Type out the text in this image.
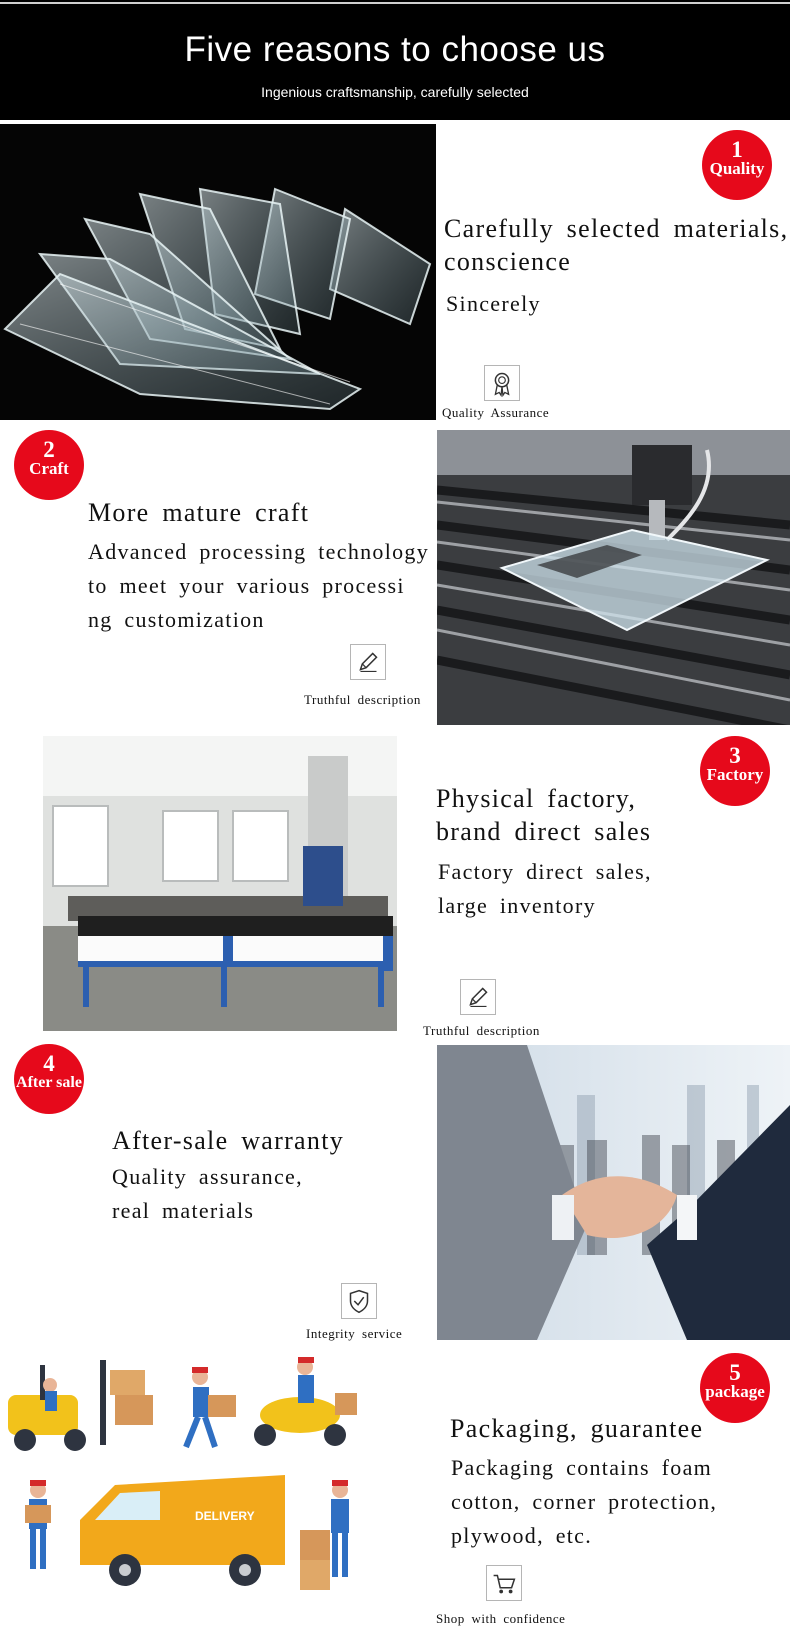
Five reasons to choose us
Ingenious craftsmanship, carefully selected
1
Quality
Carefully selected materials,
conscience
Sincerely
Quality Assurance
2
Craft
More mature craft
Advanced processing technology
to meet your various processi
ng customization
Truthful description
3
Factory
Physical factory,
brand direct sales
Factory direct sales,
large inventory
Truthful description
4
After sale
After-sale warranty
Quality assurance,
real materials
Integrity service
DELIVERY
5
package
Packaging, guarantee
Packaging contains foam
cotton, corner protection,
plywood, etc.
Shop with confidence
